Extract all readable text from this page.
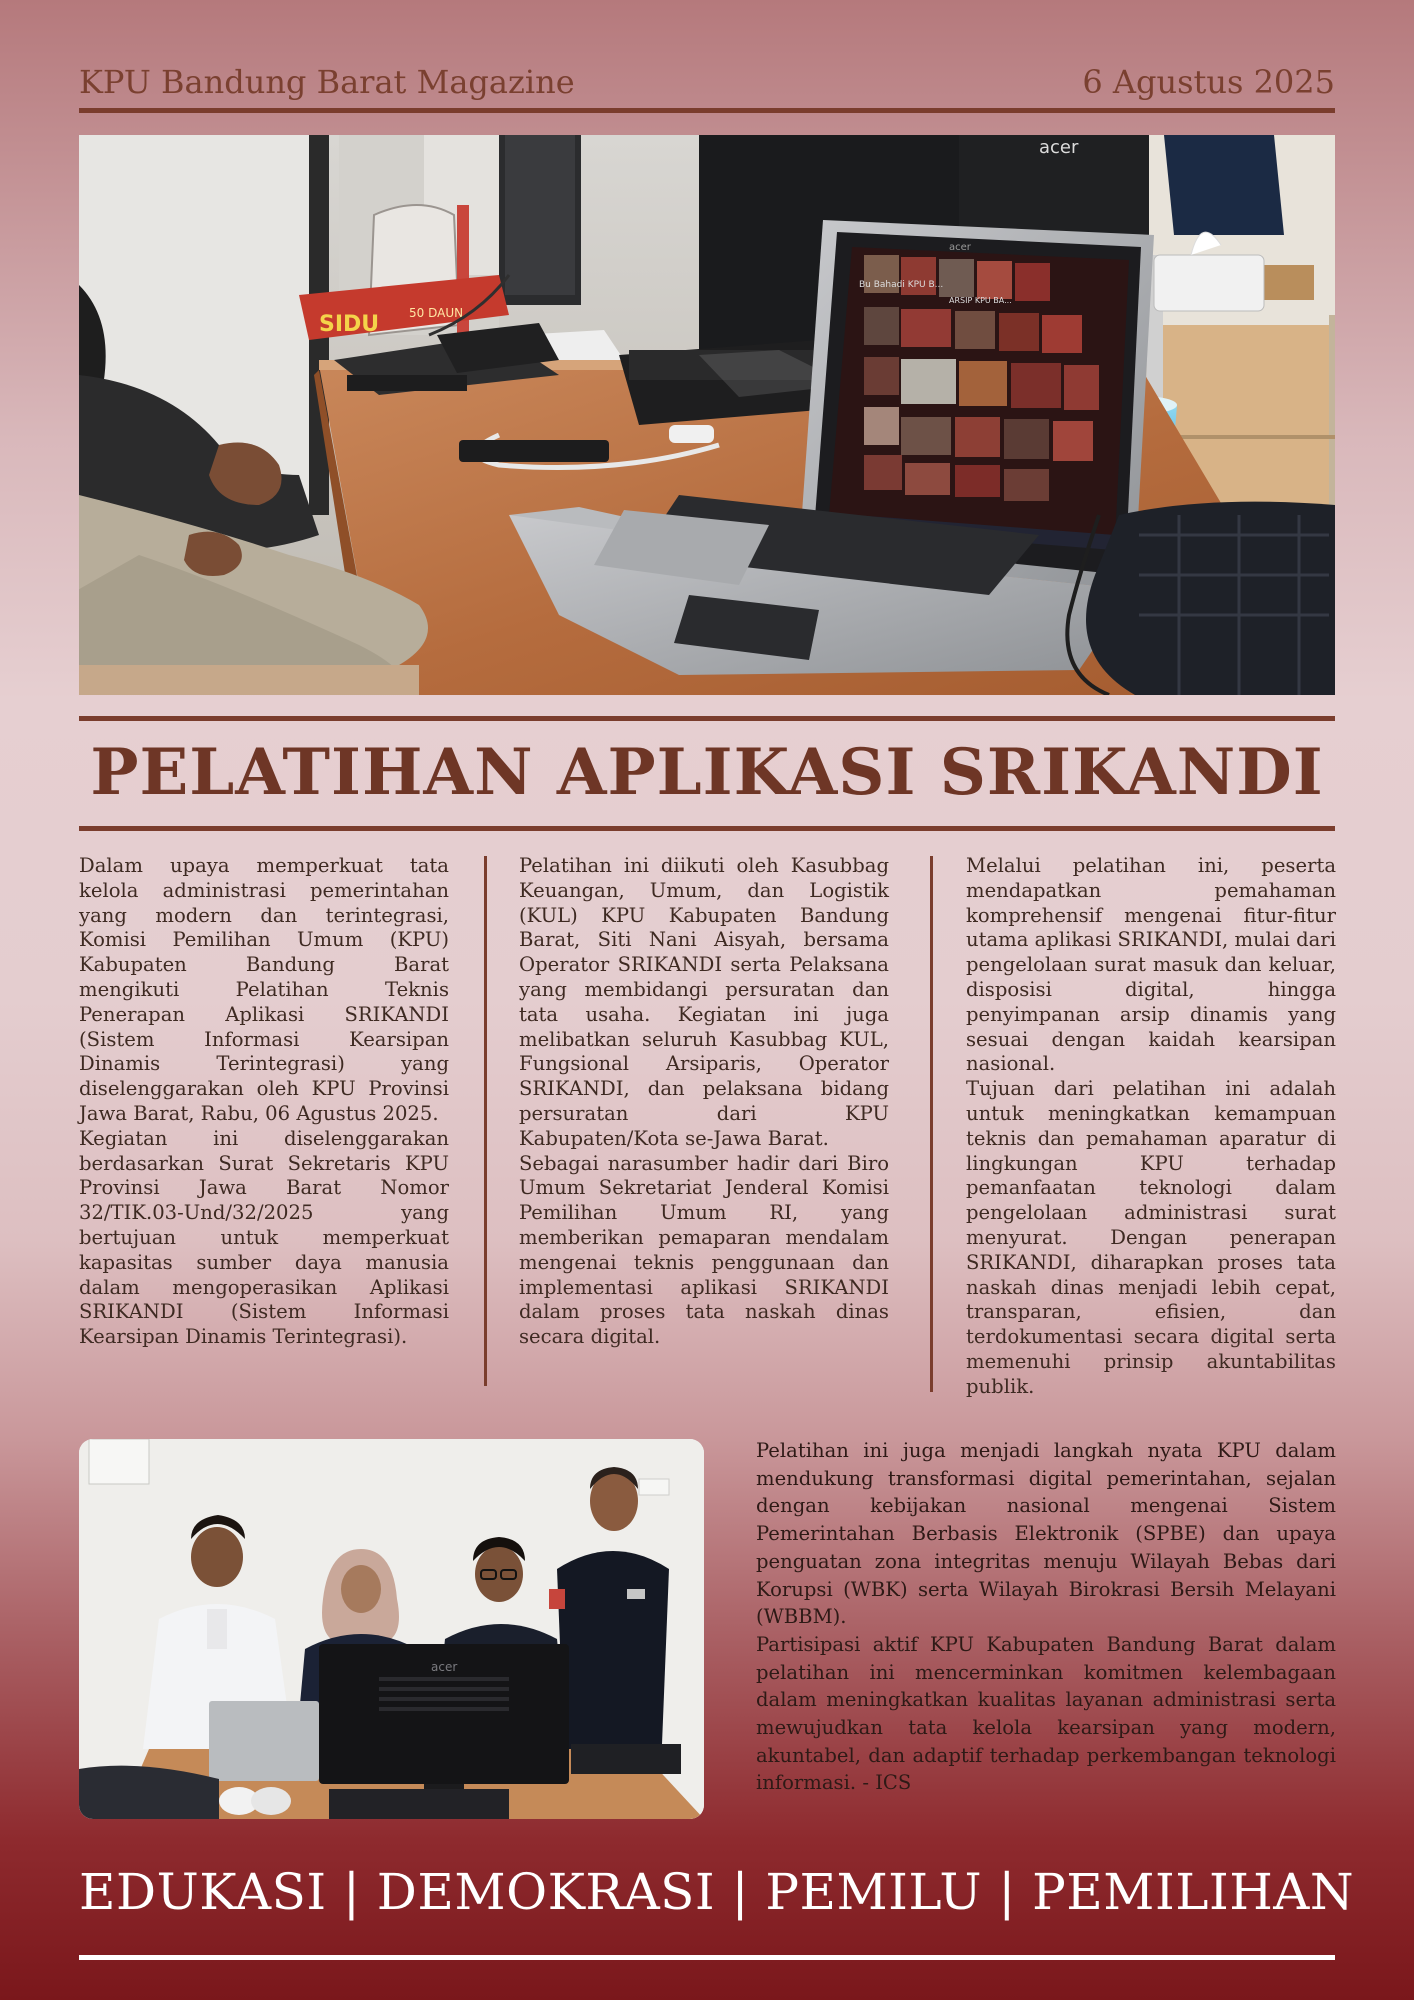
KPU Bandung Barat Magazine	6 Agustus 2025
acer
SIDU 50 DAUN
Bu Bahadi KPU B...
ARSIP KPU BA...
acer
PELATIHAN APLIKASI SRIKANDI

Dalam upaya memperkuat tata kelola administrasi pemerintahan yang modern dan terintegrasi, Komisi Pemilihan Umum (KPU) Kabupaten Bandung Barat mengikuti Pelatihan Teknis Penerapan Aplikasi SRIKANDI (Sistem Informasi Kearsipan Dinamis Terintegrasi) yang diselenggarakan oleh KPU Provinsi Jawa Barat, Rabu, 06 Agustus 2025.

Kegiatan ini diselenggarakan berdasarkan Surat Sekretaris KPU Provinsi Jawa Barat Nomor 32/TIK.03-Und/32/2025 yang bertujuan untuk memperkuat kapasitas sumber daya manusia dalam mengoperasikan Aplikasi SRIKANDI (Sistem Informasi Kearsipan Dinamis Terintegrasi).

Pelatihan ini diikuti oleh Kasubbag Keuangan, Umum, dan Logistik (KUL) KPU Kabupaten Bandung Barat, Siti Nani Aisyah, bersama Operator SRIKANDI serta Pelaksana yang membidangi persuratan dan tata usaha. Kegiatan ini juga melibatkan seluruh Kasubbag KUL, Fungsional Arsiparis, Operator SRIKANDI, dan pelaksana bidang persuratan dari KPU Kabupaten/Kota se-Jawa Barat.

Sebagai narasumber hadir dari Biro Umum Sekretariat Jenderal Komisi Pemilihan Umum RI, yang memberikan pemaparan mendalam mengenai teknis penggunaan dan implementasi aplikasi SRIKANDI dalam proses tata naskah dinas secara digital.

Melalui pelatihan ini, peserta mendapatkan pemahaman komprehensif mengenai fitur-fitur utama aplikasi SRIKANDI, mulai dari pengelolaan surat masuk dan keluar, disposisi digital, hingga penyimpanan arsip dinamis yang sesuai dengan kaidah kearsipan nasional.

Tujuan dari pelatihan ini adalah untuk meningkatkan kemampuan teknis dan pemahaman aparatur di lingkungan KPU terhadap pemanfaatan teknologi dalam pengelolaan administrasi surat menyurat. Dengan penerapan SRIKANDI, diharapkan proses tata naskah dinas menjadi lebih cepat, transparan, efisien, dan terdokumentasi secara digital serta memenuhi prinsip akuntabilitas publik.

acer

Pelatihan ini juga menjadi langkah nyata KPU dalam mendukung transformasi digital pemerintahan, sejalan dengan kebijakan nasional mengenai Sistem Pemerintahan Berbasis Elektronik (SPBE) dan upaya penguatan zona integritas menuju Wilayah Bebas dari Korupsi (WBK) serta Wilayah Birokrasi Bersih Melayani (WBBM).

Partisipasi aktif KPU Kabupaten Bandung Barat dalam pelatihan ini mencerminkan komitmen kelembagaan dalam meningkatkan kualitas layanan administrasi serta mewujudkan tata kelola kearsipan yang modern, akuntabel, dan adaptif terhadap perkembangan teknologi informasi. - ICS

EDUKASI | DEMOKRASI | PEMILU | PEMILIHAN
